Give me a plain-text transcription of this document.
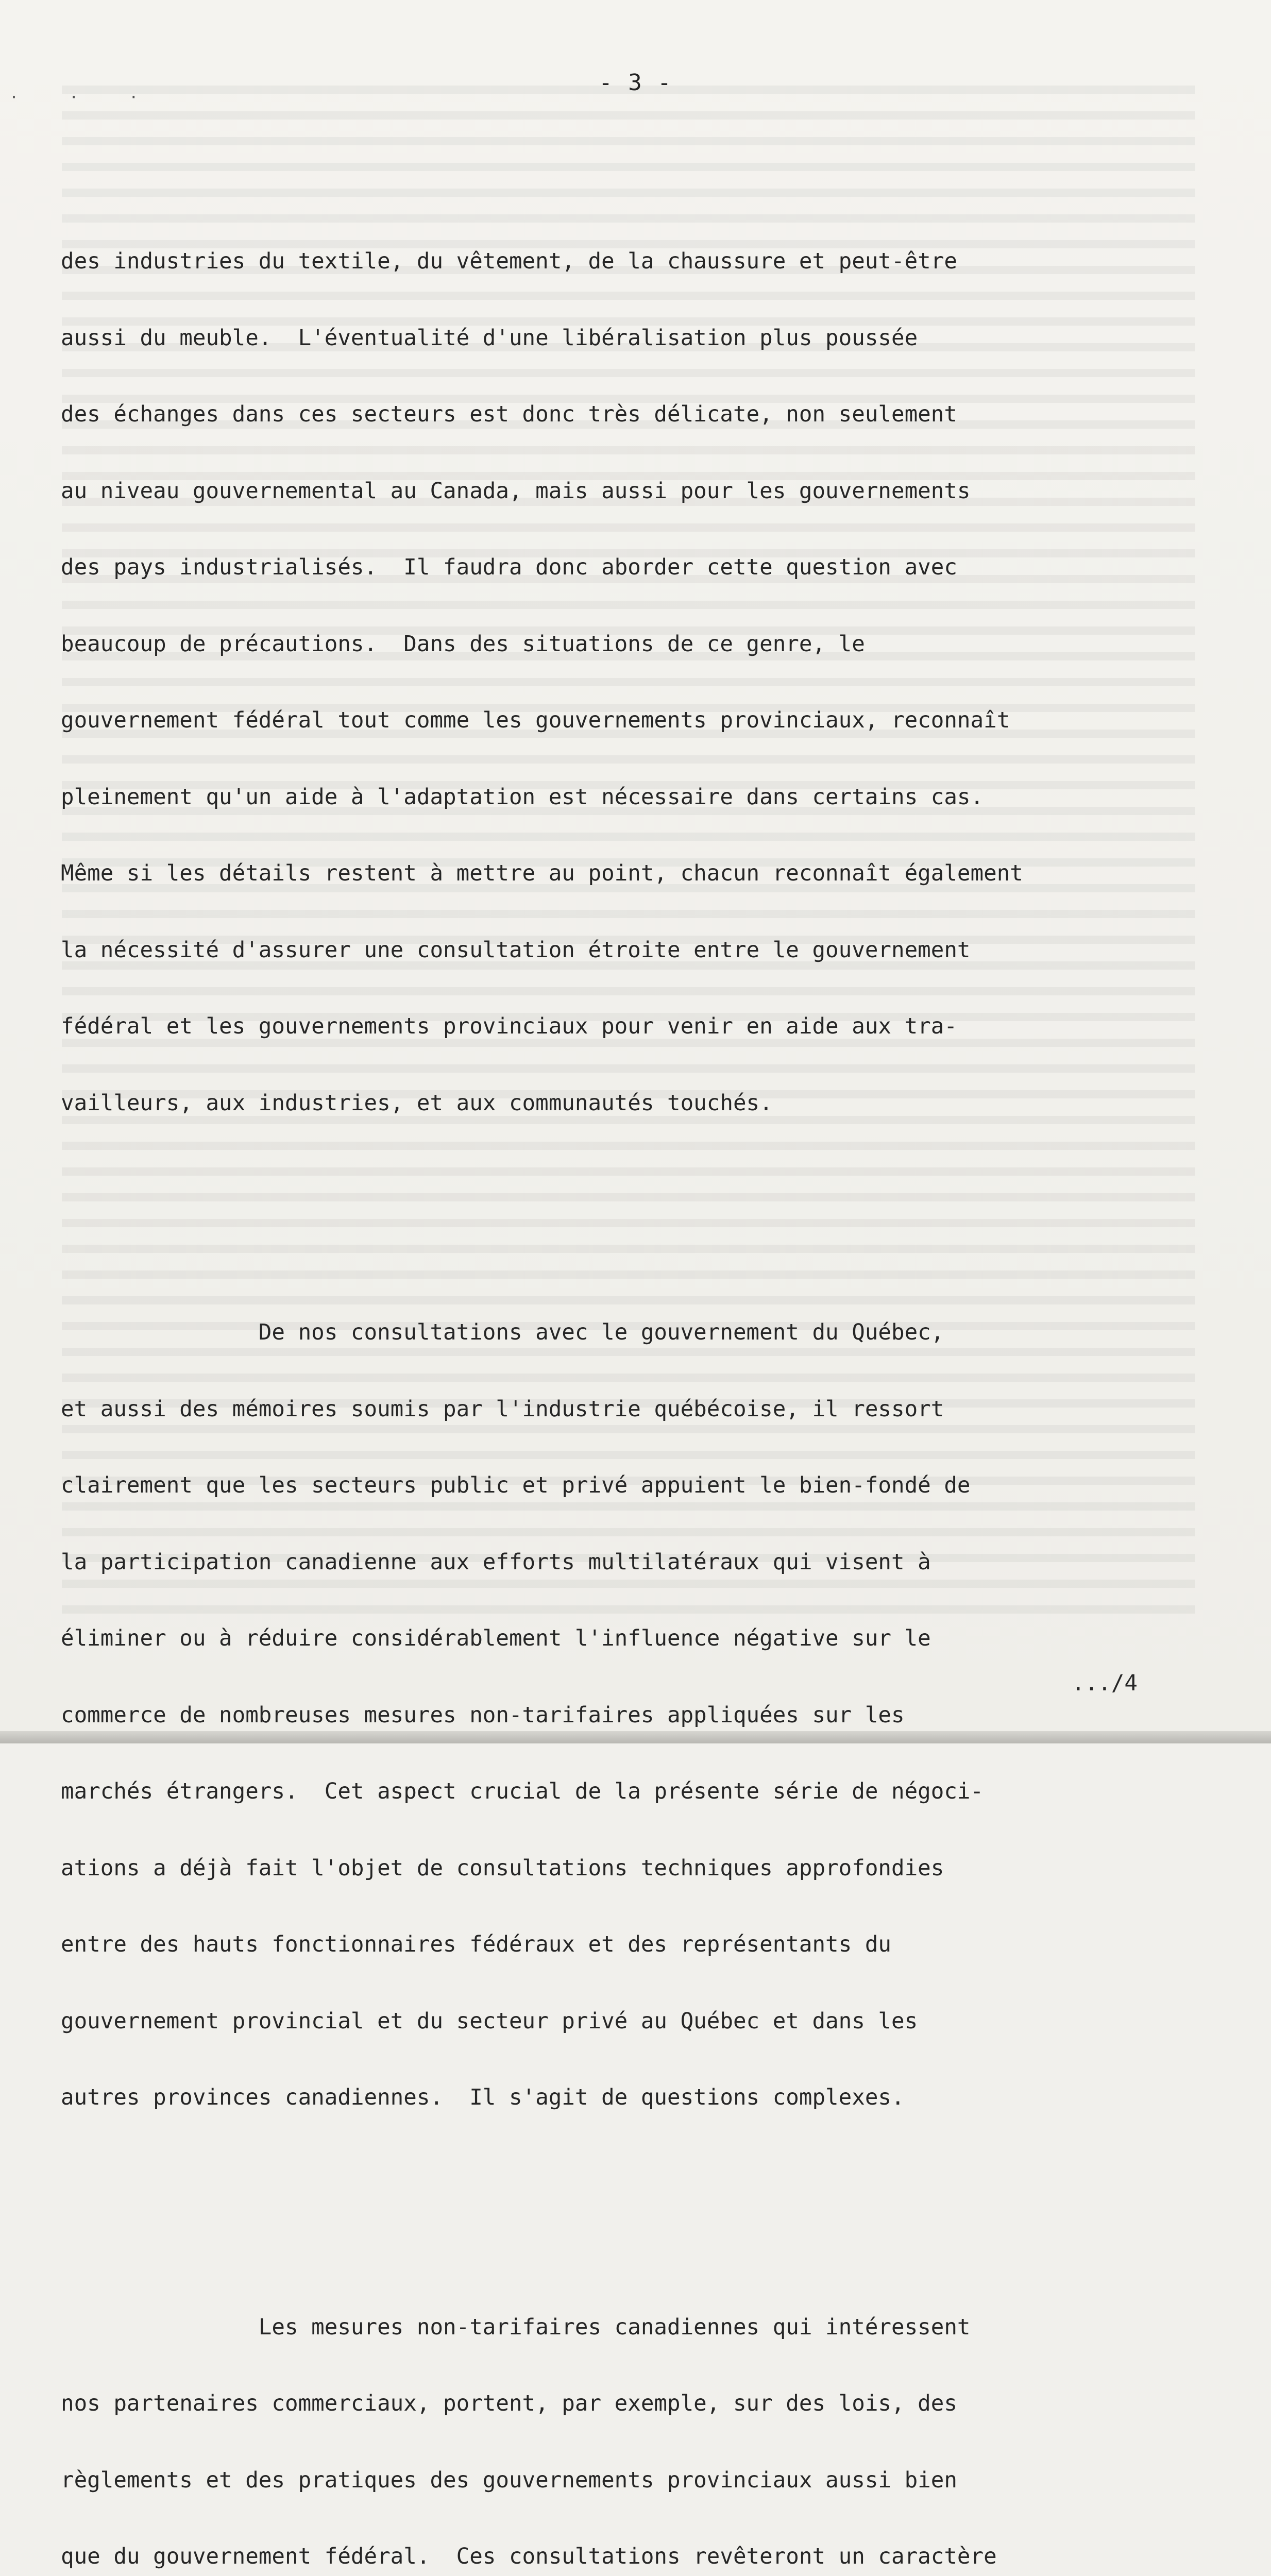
· · ·
- 3 -

des industries du textile, du vêtement, de la chaussure et peut-être

aussi du meuble.  L'éventualité d'une libéralisation plus poussée

des échanges dans ces secteurs est donc très délicate, non seulement

au niveau gouvernemental au Canada, mais aussi pour les gouvernements

des pays industrialisés.  Il faudra donc aborder cette question avec

beaucoup de précautions.  Dans des situations de ce genre, le

gouvernement fédéral tout comme les gouvernements provinciaux, reconnaît

pleinement qu'un aide à l'adaptation est nécessaire dans certains cas.

Même si les détails restent à mettre au point, chacun reconnaît également

la nécessité d'assurer une consultation étroite entre le gouvernement

fédéral et les gouvernements provinciaux pour venir en aide aux tra-

vailleurs, aux industries, et aux communautés touchés.

De nos consultations avec le gouvernement du Québec,

et aussi des mémoires soumis par l'industrie québécoise, il ressort

clairement que les secteurs public et privé appuient le bien-fondé de

la participation canadienne aux efforts multilatéraux qui visent à

éliminer ou à réduire considérablement l'influence négative sur le

commerce de nombreuses mesures non-tarifaires appliquées sur les

marchés étrangers.  Cet aspect crucial de la présente série de négoci-

ations a déjà fait l'objet de consultations techniques approfondies

entre des hauts fonctionnaires fédéraux et des représentants du

gouvernement provincial et du secteur privé au Québec et dans les

autres provinces canadiennes.  Il s'agit de questions complexes.

Les mesures non-tarifaires canadiennes qui intéressent

nos partenaires commerciaux, portent, par exemple, sur des lois, des

règlements et des pratiques des gouvernements provinciaux aussi bien

que du gouvernement fédéral.  Ces consultations revêteront un caractère

.../4
